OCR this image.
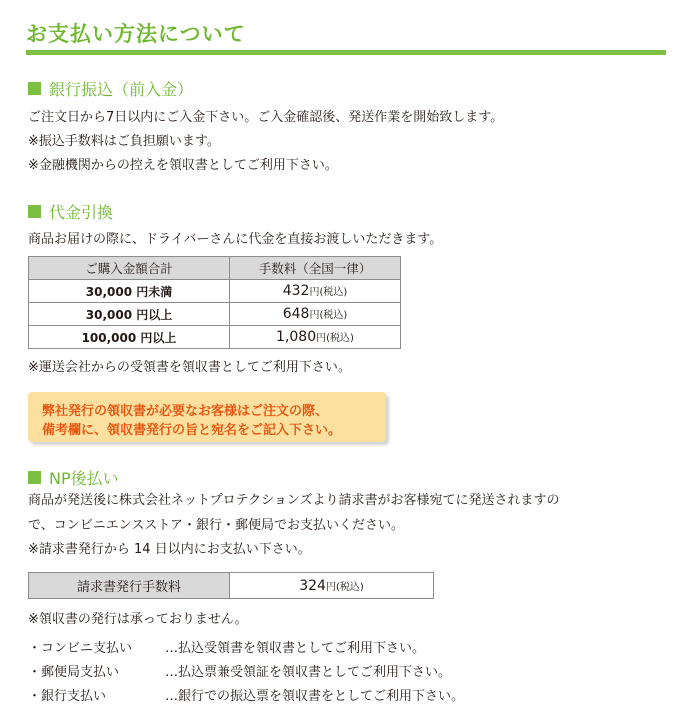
お支払い方法について
銀行振込（前入金）
ご注文日から7日以内にご入金下さい。ご入金確認後、発送作業を開始致します。
※振込手数料はご負担願います。
※金融機関からの控えを領収書としてご利用下さい。
代金引換
商品お届けの際に、ドライバーさんに代金を直接お渡しいただきます。
ご購入金額合計	手数料（全国一律）
30,000 円未満	432円(税込)
30,000 円以上	648円(税込)
100,000 円以上	1,080円(税込)
※運送会社からの受領書を領収書としてご利用下さい。
弊社発行の領収書が必要なお客様はご注文の際、
備考欄に、領収書発行の旨と宛名をご記入下さい。
NP後払い
商品が発送後に株式会社ネットプロテクションズより請求書がお客様宛てに発送されますの
で、コンビニエンスストア・銀行・郵便局でお支払いください。
※請求書発行から 14 日以内にお支払い下さい。
請求書発行手数料	324円(税込)
※領収書の発行は承っておりません。
・コンビニ支払い	…払込受領書を領収書としてご利用下さい。
・郵便局支払い	…払込票兼受領証を領収書としてご利用下さい。
・銀行支払い	…銀行での振込票を領収書をとしてご利用下さい。
